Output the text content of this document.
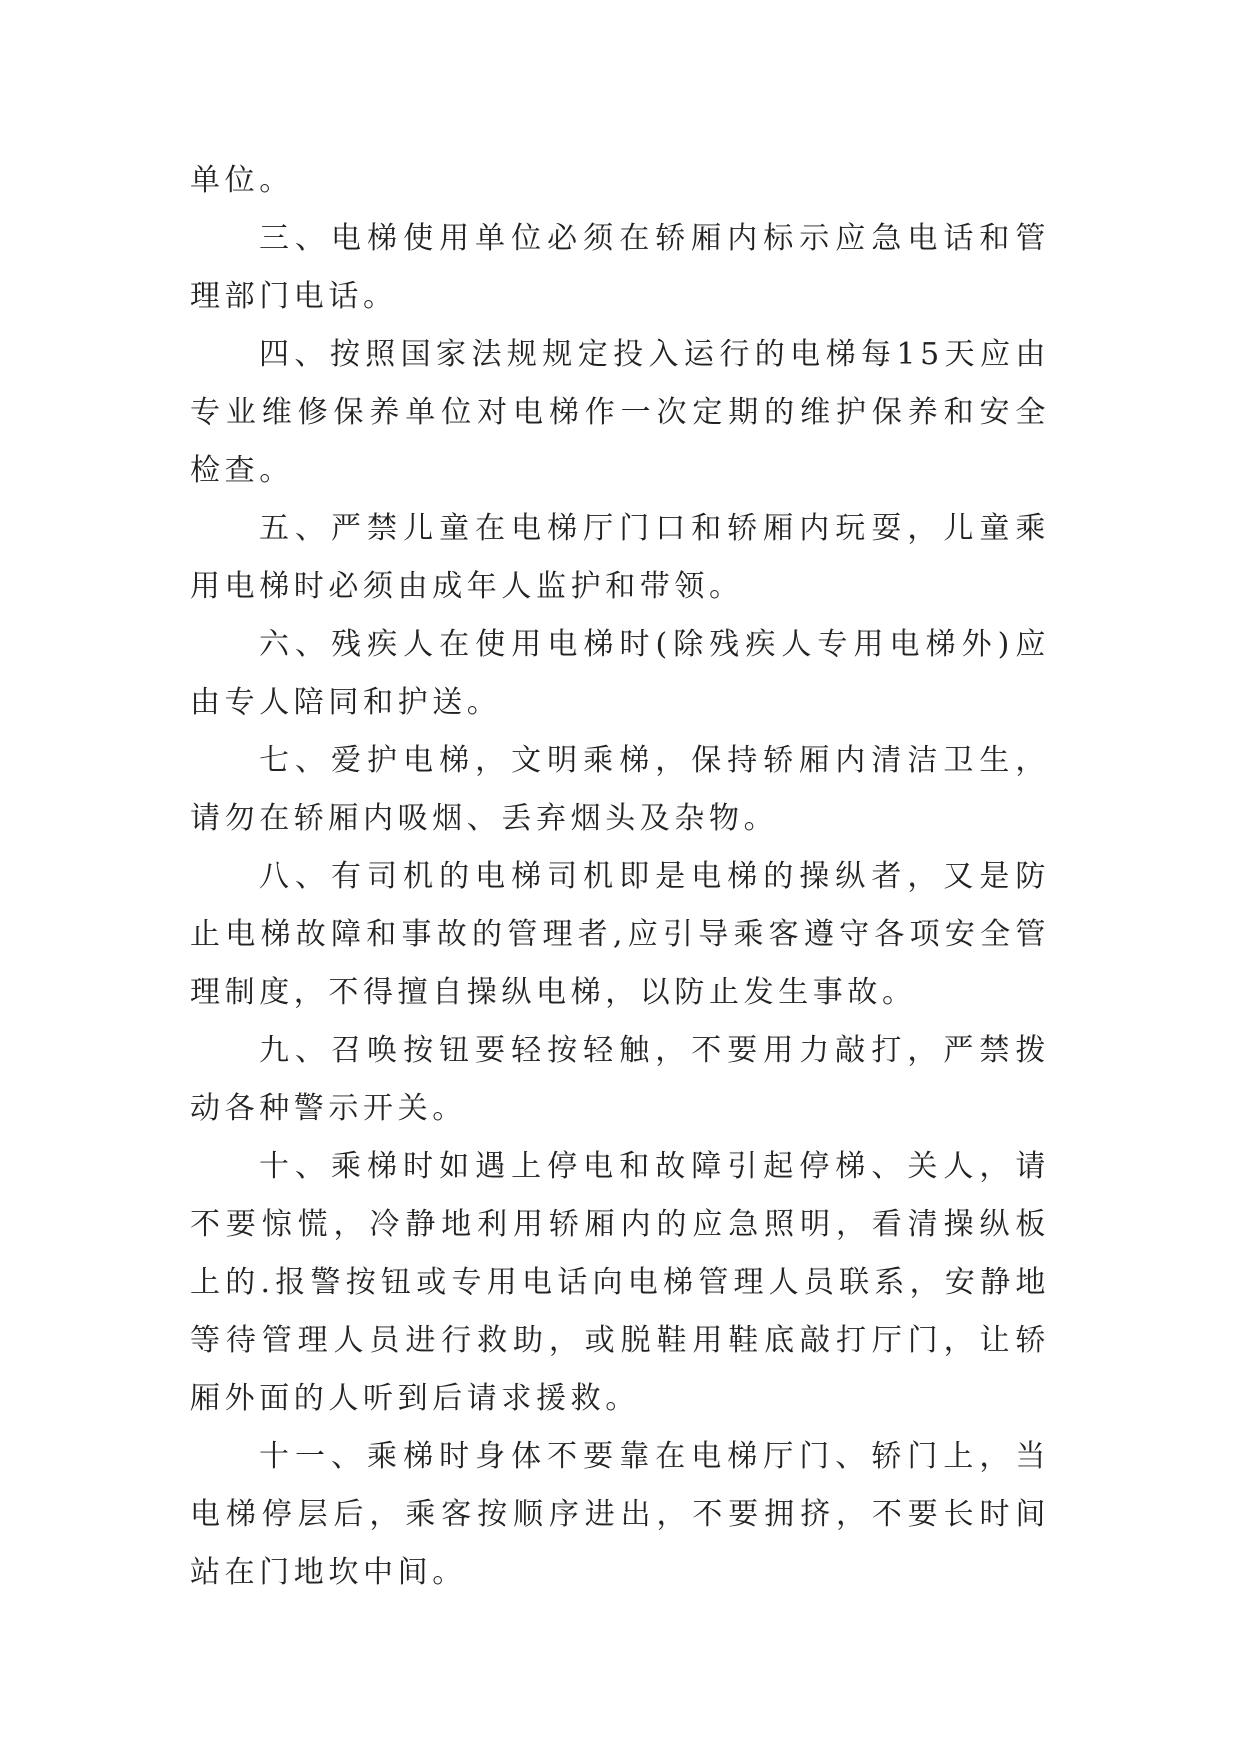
单位。

三、电梯使用单位必须在轿厢内标示应急电话和管理部门电话。

四、按照国家法规规定投入运行的电梯每15天应由专业维修保养单位对电梯作一次定期的维护保养和安全检查。

五、严禁儿童在电梯厅门口和轿厢内玩耍，儿童乘用电梯时必须由成年人监护和带领。

六、残疾人在使用电梯时(除残疾人专用电梯外)应由专人陪同和护送。

七、爱护电梯，文明乘梯，保持轿厢内清洁卫生，请勿在轿厢内吸烟、丢弃烟头及杂物。

八、有司机的电梯司机即是电梯的操纵者，又是防止电梯故障和事故的管理者,应引导乘客遵守各项安全管理制度，不得擅自操纵电梯，以防止发生事故。

九、召唤按钮要轻按轻触，不要用力敲打，严禁拨动各种警示开关。

十、乘梯时如遇上停电和故障引起停梯、关人，请不要惊慌，冷静地利用轿厢内的应急照明，看清操纵板上的.报警按钮或专用电话向电梯管理人员联系，安静地等待管理人员进行救助，或脱鞋用鞋底敲打厅门，让轿厢外面的人听到后请求援救。

十一、乘梯时身体不要靠在电梯厅门、轿门上，当电梯停层后，乘客按顺序进出，不要拥挤，不要长时间站在门地坎中间。
